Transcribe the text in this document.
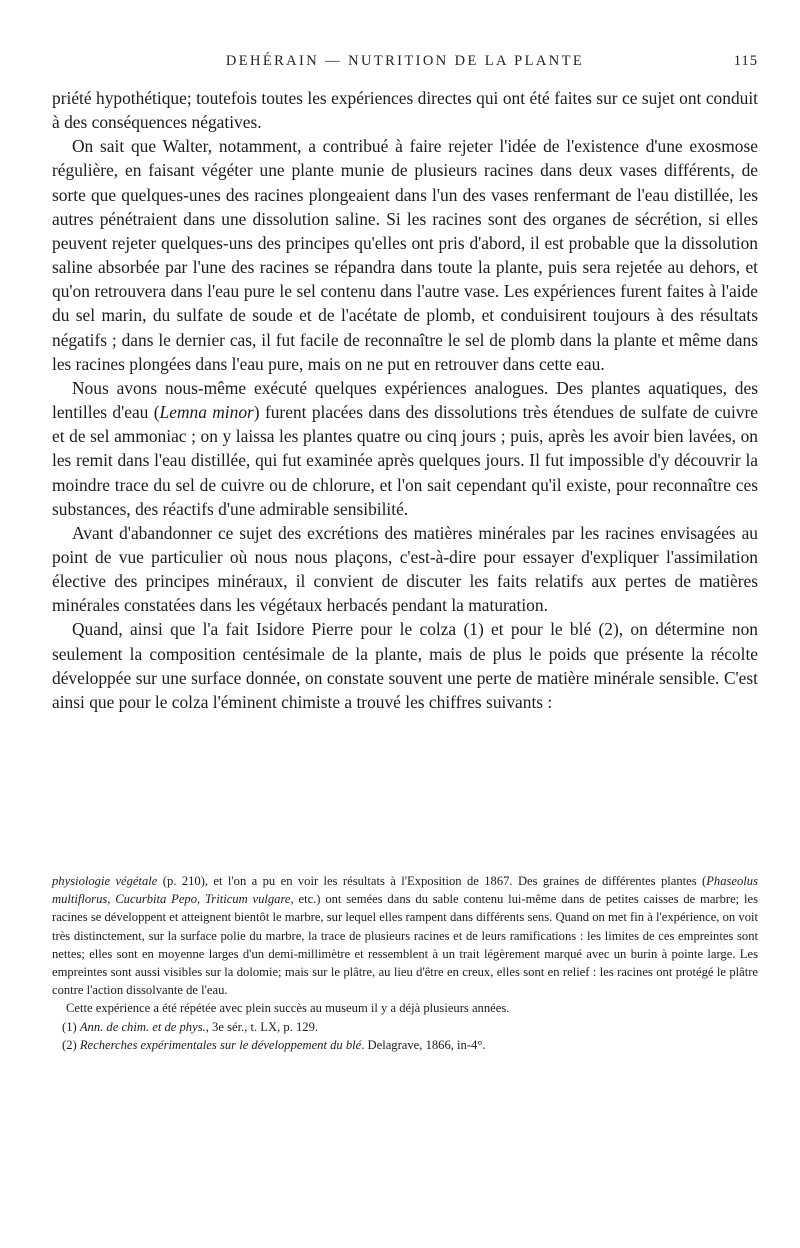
DEHÉRAIN — NUTRITION DE LA PLANTE	115

priété hypothétique; toutefois toutes les expériences directes qui ont été faites sur ce sujet ont conduit à des conséquences négatives.

On sait que Walter, notamment, a contribué à faire rejeter l'idée de l'existence d'une exosmose régulière, en faisant végéter une plante munie de plusieurs racines dans deux vases différents, de sorte que quelques-unes des racines plongeaient dans l'un des vases renfermant de l'eau distillée, les autres pénétraient dans une dissolution saline. Si les racines sont des organes de sécrétion, si elles peuvent rejeter quelques-uns des principes qu'elles ont pris d'abord, il est probable que la dissolution saline absorbée par l'une des racines se répandra dans toute la plante, puis sera rejetée au dehors, et qu'on retrouvera dans l'eau pure le sel contenu dans l'autre vase. Les expériences furent faites à l'aide du sel marin, du sulfate de soude et de l'acétate de plomb, et conduisirent toujours à des résultats négatifs ; dans le dernier cas, il fut facile de reconnaître le sel de plomb dans la plante et même dans les racines plongées dans l'eau pure, mais on ne put en retrouver dans cette eau.

Nous avons nous-même exécuté quelques expériences analogues. Des plantes aquatiques, des lentilles d'eau (Lemna minor) furent placées dans des dissolutions très étendues de sulfate de cuivre et de sel ammoniac ; on y laissa les plantes quatre ou cinq jours ; puis, après les avoir bien lavées, on les remit dans l'eau distillée, qui fut examinée après quelques jours. Il fut impossible d'y découvrir la moindre trace du sel de cuivre ou de chlorure, et l'on sait cependant qu'il existe, pour reconnaître ces substances, des réactifs d'une admirable sensibilité.

Avant d'abandonner ce sujet des excrétions des matières minérales par les racines envisagées au point de vue particulier où nous nous plaçons, c'est-à-dire pour essayer d'expliquer l'assimilation élective des principes minéraux, il convient de discuter les faits relatifs aux pertes de matières minérales constatées dans les végétaux herbacés pendant la maturation.

Quand, ainsi que l'a fait Isidore Pierre pour le colza (1) et pour le blé (2), on détermine non seulement la composition centésimale de la plante, mais de plus le poids que présente la récolte développée sur une surface donnée, on constate souvent une perte de matière minérale sensible. C'est ainsi que pour le colza l'éminent chimiste a trouvé les chiffres suivants :

physiologie végétale (p. 210), et l'on a pu en voir les résultats à l'Exposition de 1867. Des graines de différentes plantes (Phaseolus multiflorus, Cucurbita Pepo, Triticum vulgare, etc.) ont semées dans du sable contenu lui-même dans de petites caisses de marbre; les racines se développent et atteignent bientôt le marbre, sur lequel elles rampent dans différents sens. Quand on met fin à l'expérience, on voit très distinctement, sur la surface polie du marbre, la trace de plusieurs racines et de leurs ramifications : les limites de ces empreintes sont nettes; elles sont en moyenne larges d'un demi-millimètre et ressemblent à un trait légèrement marqué avec un burin à pointe large. Les empreintes sont aussi visibles sur la dolomie; mais sur le plâtre, au lieu d'être en creux, elles sont en relief : les racines ont protégé le plâtre contre l'action dissolvante de l'eau.

Cette expérience a été répétée avec plein succès au museum il y a déjà plusieurs années.

(1) Ann. de chim. et de phys., 3e sér., t. LX, p. 129.

(2) Recherches expérimentales sur le développement du blé. Delagrave, 1866, in-4°.
